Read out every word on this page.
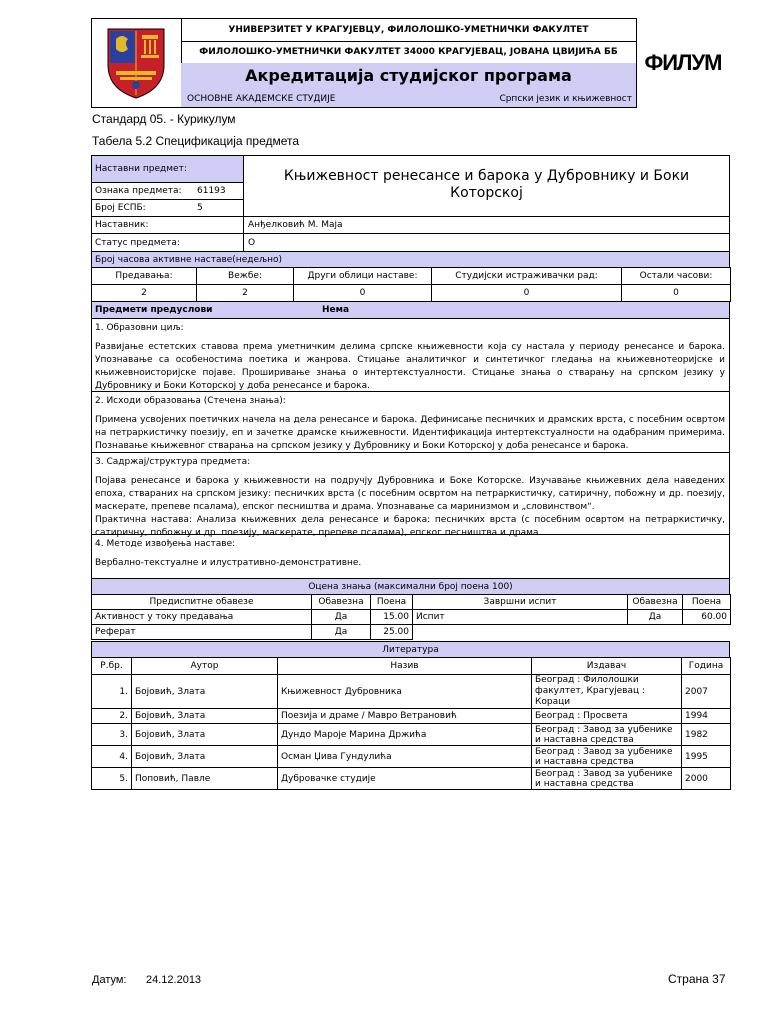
УНИВЕРЗИТЕТ У КРАГУЈЕВЦУ, ФИЛОЛОШКО-УМЕТНИЧКИ ФАКУЛТЕТ
ФИЛОЛОШКО-УМЕТНИЧКИ ФАКУЛТЕТ 34000 КРАГУЈЕВАЦ, ЈОВАНА ЦВИЈИЋА ББ
Акредитација студијског програма
ОСНОВНЕ АКАДЕМСКЕ СТУДИЈЕ	Српски језик и књижевност
ФИЛУМ
Стандард 05. - Курикулум
Табела 5.2 Спецификација предмета
Наставни предмет:	Књижевност ренесансе и барока у Дубровнику и Боки Которској
Ознака предмета: 61193
Број ЕСПБ:	5
Наставник:	Анђелковић М. Маја
Статус предмета:	О
Број часова активне наставе(недељно)
Предавања:	Вежбе:	Други облици наставе:	Студијски истраживачки рад:	Остали часови:
2	2	0	0	0
Предмети предуслови	Нема
1. Образовни циљ:
Развијање естетских ставова према уметничким делима српске књижевности која су настала у периоду ренесансе и барока. Упознавање са особеностима поетика и жанрова. Стицање аналитичког и синтетичког гледања на књижевнотеоријске и књижевноисторијске појаве. Проширивање знања о интертекстуалности. Стицање знања о стварању на српском језику у Дубровнику и Боки Которској у доба ренесансе и барока.
2. Исходи образовања (Стечена знања):
Примена усвојених поетичких начела на дела ренесансе и барока. Дефинисање песничких и драмских врста, с посебним освртом на петраркистичку поезију, еп и зачетке драмске књижевности. Идентификација интертекстуалности на одабраним примерима. Познавање књижевног стварања на српском језику у Дубровнику и Боки Которској у доба ренесансе и барока.
3. Садржај/структура предмета:
Појава ренесансе и барока у књижевности на подручју Дубровника и Боке Которске. Изучавање књижевних дела наведених епоха, ствараних на српском језику: песничких врста (с посебним освртом на петраркистичку, сатиричну, побожну и др. поезију, маскерате, препеве псалама), епског песништва и драма. Упознавање са маринизмом и „словинством“.
Практична настава: Анализа књижевних дела ренесансе и барока: песничких врста (с посебним освртом на петраркистичку, сатиричну, побожну и др. поезију, маскерате, препеве псалама), епског песништва и драма.
4. Методе извођења наставе:
Вербално-текстуалне и илустративно-демонстративне.
Оцена знања (максимални број поена 100)
Предиспитне обавезе	Обавезна	Поена	Завршни испит	Обавезна	Поена
Активност у току предавања	Да	15.00	Испит	Да	60.00
Реферат	Да	25.00			
Литература
Р.бр.	Аутор	Назив	Издавач	Година
1.	Бојовић, Злата	Књижевност Дубровника	Београд : Филолошки факултет, Крагујевац : Кораци	2007
2.	Бојовић, Злата	Поезија и драме / Мавро Ветрановић	Београд : Просвета	1994
3.	Бојовић, Злата	Дундо Мароје Марина Држића	Београд : Завод за уџбенике и наставна средства	1982
4.	Бојовић, Злата	Осман Џива Гундулића	Београд : Завод за уџбенике и наставна средства	1995
5.	Поповић, Павле	Дубровачке студије	Београд : Завод за уџбенике и наставна средства	2000
Датум: 24.12.2013	Страна 37
